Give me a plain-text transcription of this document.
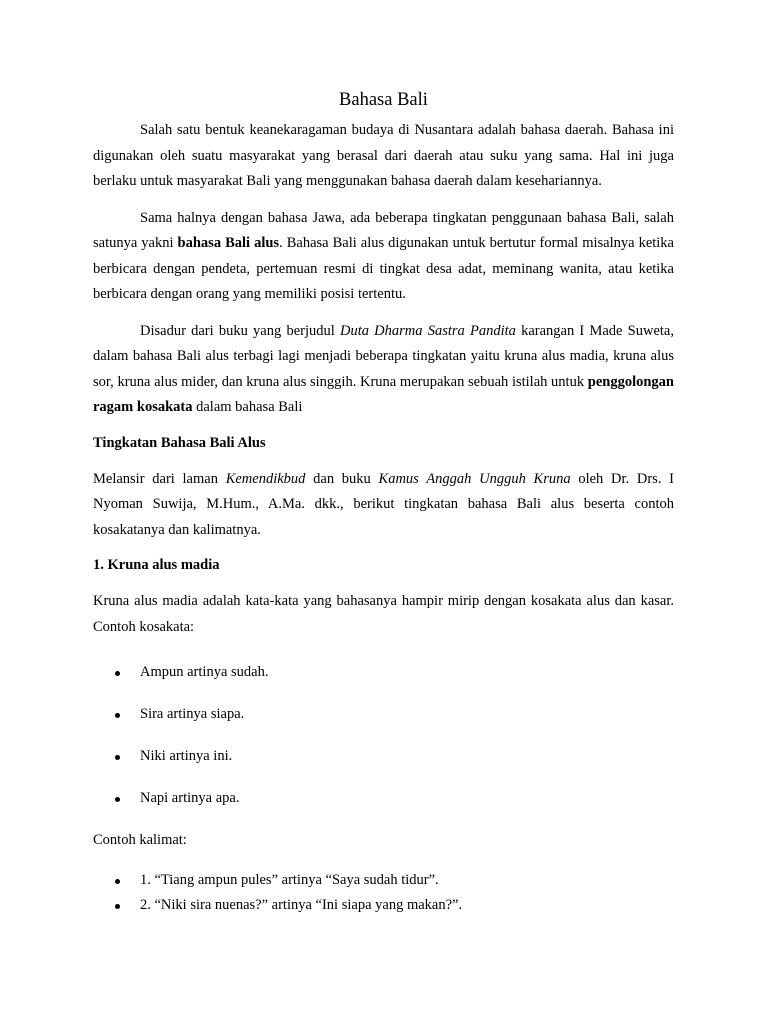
Bahasa Bali

Salah satu bentuk keanekaragaman budaya di Nusantara adalah bahasa daerah. Bahasa ini digunakan oleh suatu masyarakat yang berasal dari daerah atau suku yang sama. Hal ini juga berlaku untuk masyarakat Bali yang menggunakan bahasa daerah dalam kesehariannya.

Sama halnya dengan bahasa Jawa, ada beberapa tingkatan penggunaan bahasa Bali, salah satunya yakni bahasa Bali alus. Bahasa Bali alus digunakan untuk bertutur formal misalnya ketika berbicara dengan pendeta, pertemuan resmi di tingkat desa adat, meminang wanita, atau ketika berbicara dengan orang yang memiliki posisi tertentu.

Disadur dari buku yang berjudul Duta Dharma Sastra Pandita karangan I Made Suweta, dalam bahasa Bali alus terbagi lagi menjadi beberapa tingkatan yaitu kruna alus madia, kruna alus sor, kruna alus mider, dan kruna alus singgih. Kruna merupakan sebuah istilah untuk penggolongan ragam kosakata dalam bahasa Bali

Tingkatan Bahasa Bali Alus

Melansir dari laman Kemendikbud dan buku Kamus Anggah Ungguh Kruna oleh Dr. Drs. I Nyoman Suwija, M.Hum., A.Ma. dkk., berikut tingkatan bahasa Bali alus beserta contoh kosakatanya dan kalimatnya.

1. Kruna alus madia

Kruna alus madia adalah kata-kata yang bahasanya hampir mirip dengan kosakata alus dan kasar. Contoh kosakata:

Ampun artinya sudah.
Sira artinya siapa.
Niki artinya ini.
Napi artinya apa.

Contoh kalimat:

1. “Tiang ampun pules” artinya “Saya sudah tidur”.
2. “Niki sira nuenas?” artinya “Ini siapa yang makan?”.
